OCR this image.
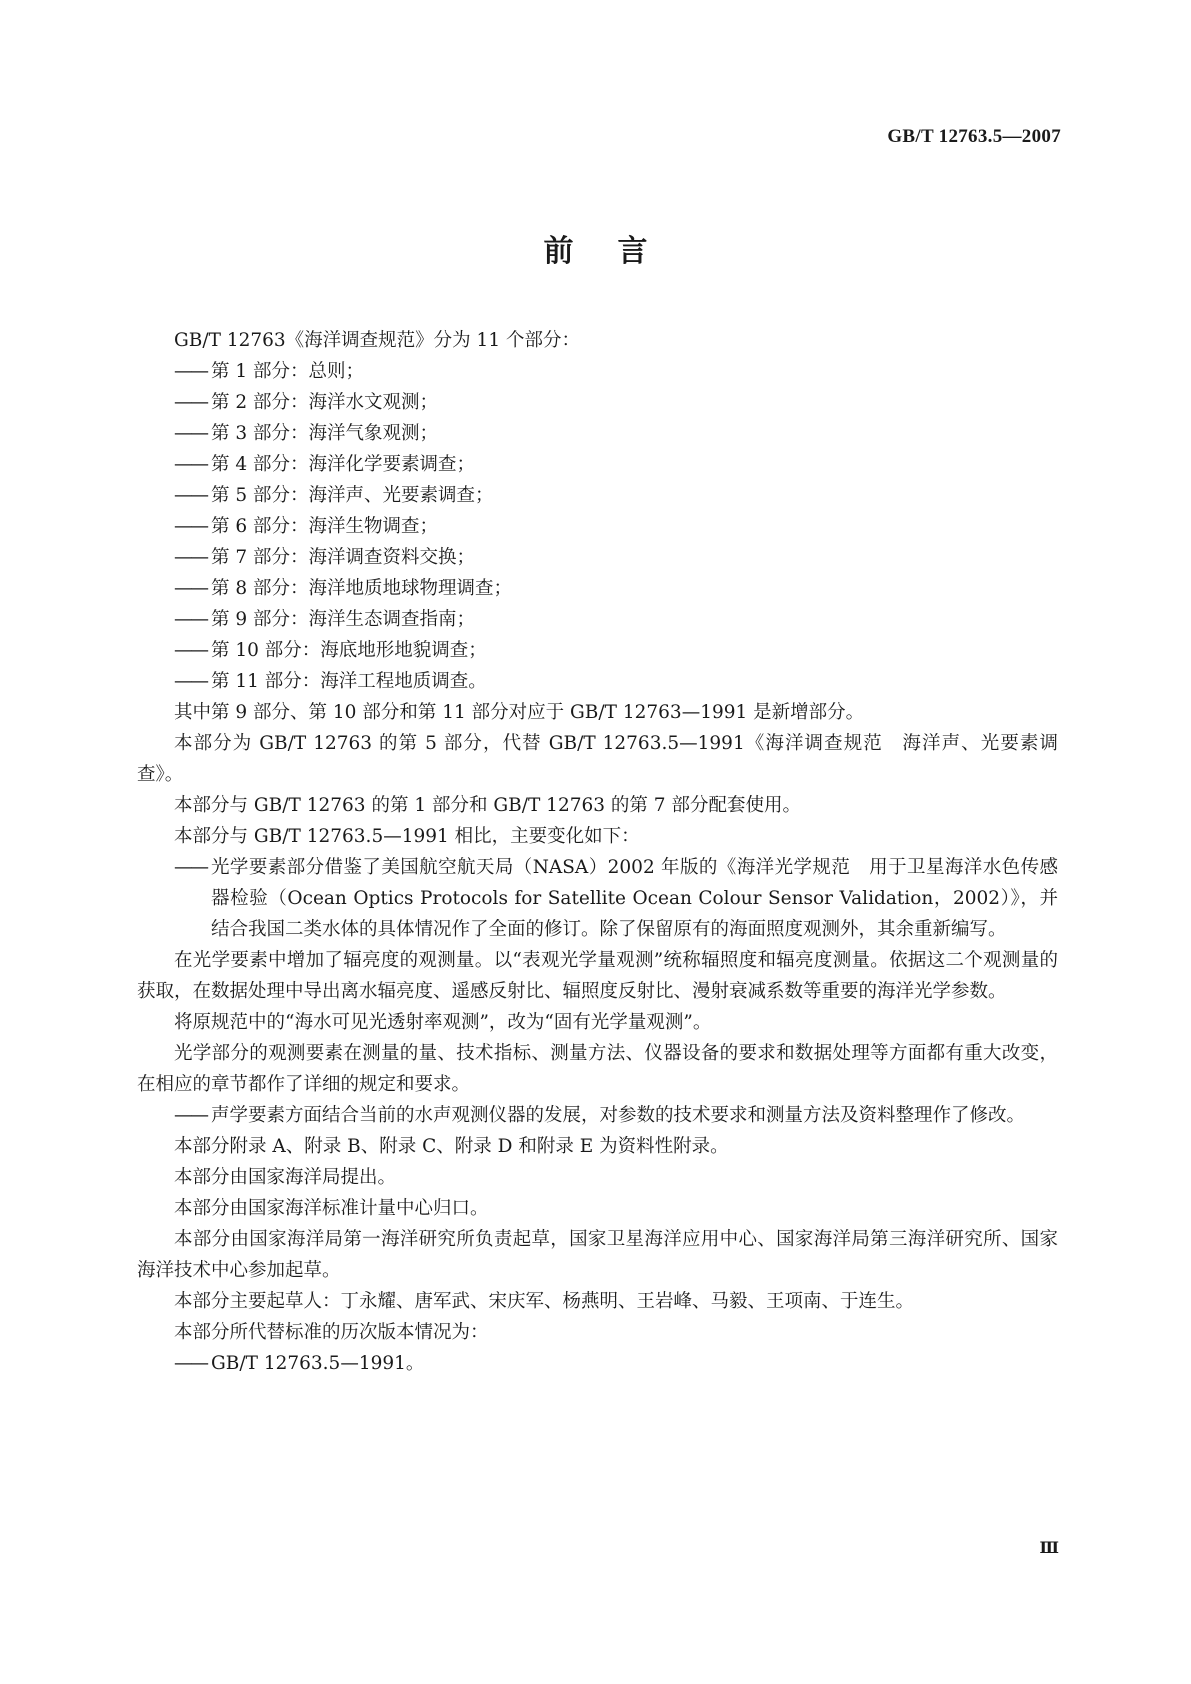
GB/T 12763.5—2007
前言

GB/T 12763《海洋调查规范》分为 11 个部分：

—— 第 1 部分：总则；

—— 第 2 部分：海洋水文观测；

—— 第 3 部分：海洋气象观测；

—— 第 4 部分：海洋化学要素调查；

—— 第 5 部分：海洋声、光要素调查；

—— 第 6 部分：海洋生物调查；

—— 第 7 部分：海洋调查资料交换；

—— 第 8 部分：海洋地质地球物理调查；

—— 第 9 部分：海洋生态调查指南；

—— 第 10 部分：海底地形地貌调查；

—— 第 11 部分：海洋工程地质调查。

其中第 9 部分、第 10 部分和第 11 部分对应于 GB/T 12763—1991 是新增部分。

本部分为 GB/T 12763 的第 5 部分，代替 GB/T 12763.5—1991《海洋调查规范　海洋声、光要素调查》。

本部分与 GB/T 12763 的第 1 部分和 GB/T 12763 的第 7 部分配套使用。

本部分与 GB/T 12763.5—1991 相比，主要变化如下：

—— 光学要素部分借鉴了美国航空航天局（NASA）2002 年版的《海洋光学规范　用于卫星海洋水色传感器检验（Ocean Optics Protocols for Satellite Ocean Colour Sensor Validation，2002）》，并结合我国二类水体的具体情况作了全面的修订。除了保留原有的海面照度观测外，其余重新编写。

在光学要素中增加了辐亮度的观测量。以“表观光学量观测”统称辐照度和辐亮度测量。依据这二个观测量的获取，在数据处理中导出离水辐亮度、遥感反射比、辐照度反射比、漫射衰减系数等重要的海洋光学参数。

将原规范中的“海水可见光透射率观测”，改为“固有光学量观测”。

光学部分的观测要素在测量的量、技术指标、测量方法、仪器设备的要求和数据处理等方面都有重大改变，在相应的章节都作了详细的规定和要求。

—— 声学要素方面结合当前的水声观测仪器的发展，对参数的技术要求和测量方法及资料整理作了修改。

本部分附录 A、附录 B、附录 C、附录 D 和附录 E 为资料性附录。

本部分由国家海洋局提出。

本部分由国家海洋标准计量中心归口。

本部分由国家海洋局第一海洋研究所负责起草，国家卫星海洋应用中心、国家海洋局第三海洋研究所、国家海洋技术中心参加起草。

本部分主要起草人：丁永耀、唐军武、宋庆军、杨燕明、王岩峰、马毅、王项南、于连生。

本部分所代替标准的历次版本情况为：

—— GB/T 12763.5—1991。

Ⅲ
